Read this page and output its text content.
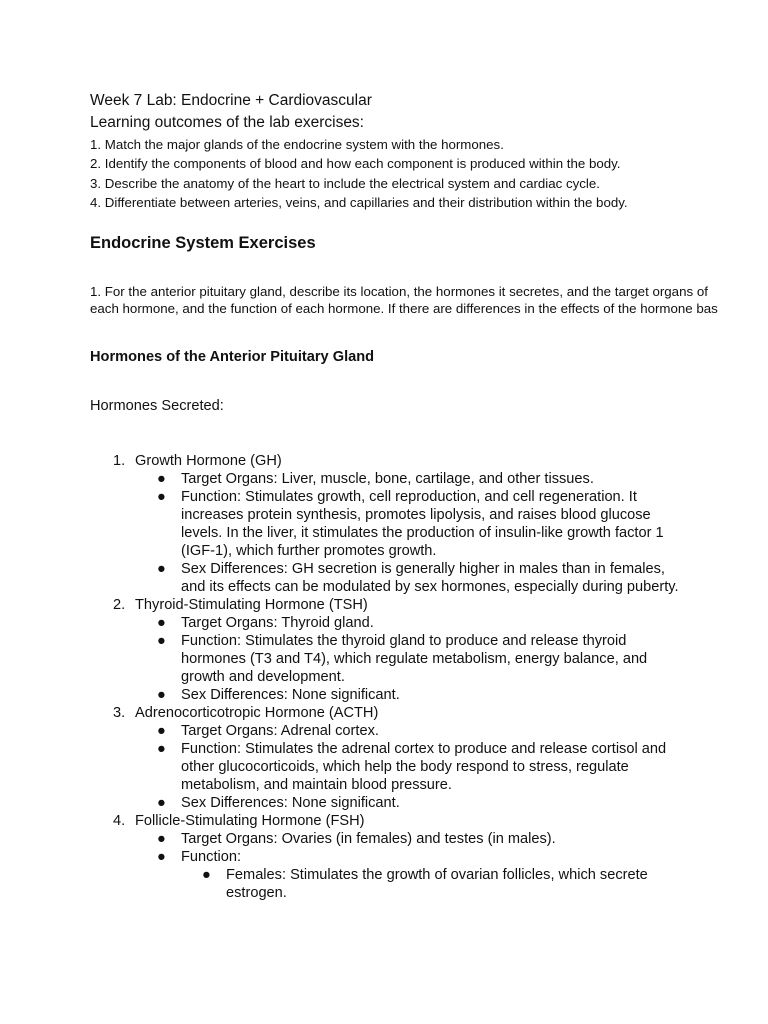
Week 7 Lab: Endocrine + Cardiovascular
Learning outcomes of the lab exercises:
1. Match the major glands of the endocrine system with the hormones.
2. Identify the components of blood and how each component is produced within the body.
3. Describe the anatomy of the heart to include the electrical system and cardiac cycle.
4. Differentiate between arteries, veins, and capillaries and their distribution within the body.
Endocrine System Exercises
1. For the anterior pituitary gland, describe its location, the hormones it secretes, and the target organs of
each hormone, and the function of each hormone. If there are differences in the effects of the hormone bas
Hormones of the Anterior Pituitary Gland
Hormones Secreted:
1. Growth Hormone (GH)
● Target Organs: Liver, muscle, bone, cartilage, and other tissues.
● Function: Stimulates growth, cell reproduction, and cell regeneration. It increases protein synthesis, promotes lipolysis, and raises blood glucose levels. In the liver, it stimulates the production of insulin-like growth factor 1 (IGF-1), which further promotes growth.
● Sex Differences: GH secretion is generally higher in males than in females, and its effects can be modulated by sex hormones, especially during puberty.
2. Thyroid-Stimulating Hormone (TSH)
● Target Organs: Thyroid gland.
● Function: Stimulates the thyroid gland to produce and release thyroid hormones (T3 and T4), which regulate metabolism, energy balance, and growth and development.
● Sex Differences: None significant.
3. Adrenocorticotropic Hormone (ACTH)
● Target Organs: Adrenal cortex.
● Function: Stimulates the adrenal cortex to produce and release cortisol and other glucocorticoids, which help the body respond to stress, regulate metabolism, and maintain blood pressure.
● Sex Differences: None significant.
4. Follicle-Stimulating Hormone (FSH)
● Target Organs: Ovaries (in females) and testes (in males).
● Function:
● Females: Stimulates the growth of ovarian follicles, which secrete estrogen.
